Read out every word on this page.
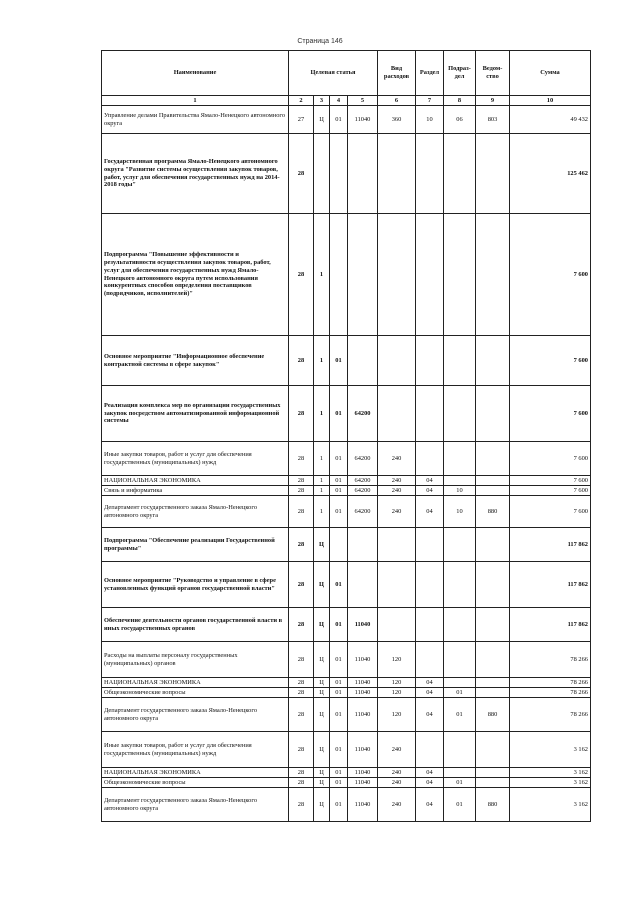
Страница 146
Наименование	Целевая статья				Вид расходов	Раздел	Подраз-дел	Ведом-ство	Сумма
1	2	3	4	5	6	7	8	9	10
Управление делами Правительства Ямало-Ненецкого автономного округа	27	Ц	01	11040	360	10	06	803	49 432
Государственная программа Ямало-Ненецкого автономного округа "Развитие системы осуществления закупок товаров, работ, услуг для обеспечения государственных нужд на 2014-2018 годы"	28								125 462
Подпрограмма "Повышение эффективности и результативности осуществления закупок товаров, работ, услуг для обеспечения государственных нужд Ямало-Ненецкого автономного округа путем использования конкурентных способов определения поставщиков (подрядчиков, исполнителей)"	28	1							7 600
Основное мероприятие "Информационное обеспечение контрактной системы в сфере закупок"	28	1	01						7 600
Реализация комплекса мер по организации государственных закупок посредством автоматизированной информационной системы	28	1	01	64200					7 600
Иные закупки товаров, работ и услуг для обеспечения государственных (муниципальных) нужд	28	1	01	64200	240				7 600
НАЦИОНАЛЬНАЯ ЭКОНОМИКА	28	1	01	64200	240	04			7 600
Связь и информатика	28	1	01	64200	240	04	10		7 600
Департамент государственного заказа Ямало-Ненецкого автономного округа	28	1	01	64200	240	04	10	880	7 600
Подпрограмма "Обеспечение реализации Государственной программы"	28	Ц							117 862
Основное мероприятие "Руководство и управление в сфере установленных функций органов государственной власти"	28	Ц	01						117 862
Обеспечение деятельности органов государственной власти в иных государственных органов	28	Ц	01	11040					117 862
Расходы на выплаты персоналу государственных (муниципальных) органов	28	Ц	01	11040	120				78 266
НАЦИОНАЛЬНАЯ ЭКОНОМИКА	28	Ц	01	11040	120	04			78 266
Общеэкономические вопросы	28	Ц	01	11040	120	04	01		78 266
Департамент государственного заказа Ямало-Ненецкого автономного округа	28	Ц	01	11040	120	04	01	880	78 266
Иные закупки товаров, работ и услуг для обеспечения государственных (муниципальных) нужд	28	Ц	01	11040	240				3 162
НАЦИОНАЛЬНАЯ ЭКОНОМИКА	28	Ц	01	11040	240	04			3 162
Общеэкономические вопросы	28	Ц	01	11040	240	04	01		3 162
Департамент государственного заказа Ямало-Ненецкого автономного округа	28	Ц	01	11040	240	04	01	880	3 162
